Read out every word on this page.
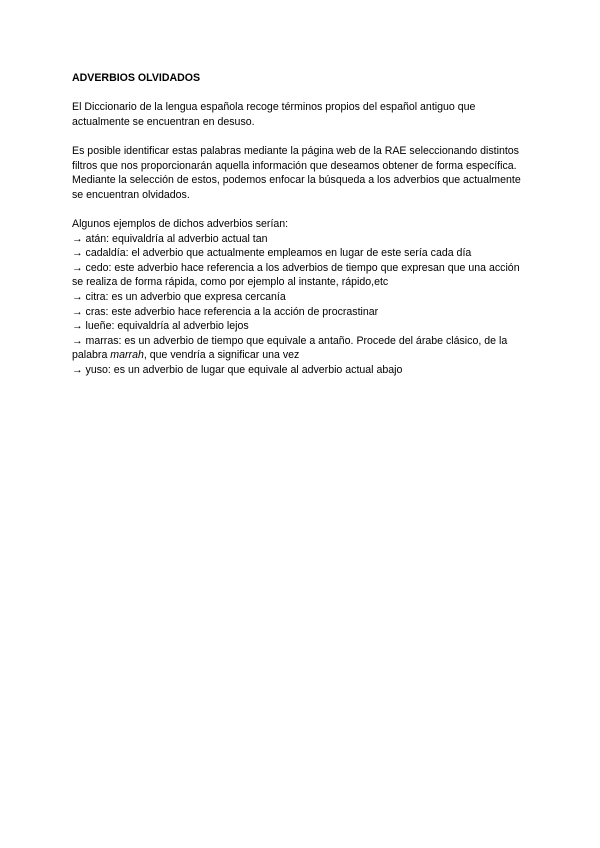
ADVERBIOS OLVIDADOS

El Diccionario de la lengua española recoge términos propios del español antiguo que actualmente se encuentran en desuso.

Es posible identificar estas palabras mediante la página web de la RAE seleccionando distintos filtros que nos proporcionarán aquella información que deseamos obtener de forma específica. Mediante la selección de estos, podemos enfocar la búsqueda a los adverbios que actualmente se encuentran olvidados.

Algunos ejemplos de dichos adverbios serían:

→ atán: equivaldría al adverbio actual tan

→ cadaldía: el adverbio que actualmente empleamos en lugar de este sería cada día

→ cedo: este adverbio hace referencia a los adverbios de tiempo que expresan que una acción se realiza de forma rápida, como por ejemplo al instante, rápido,etc

→ citra: es un adverbio que expresa cercanía

→ cras: este adverbio hace referencia a la acción de procrastinar

→ lueñe: equivaldría al adverbio lejos

→ marras: es un adverbio de tiempo que equivale a antaño. Procede del árabe clásico, de la palabra marrah, que vendría a significar una vez

→ yuso: es un adverbio de lugar que equivale al adverbio actual abajo
